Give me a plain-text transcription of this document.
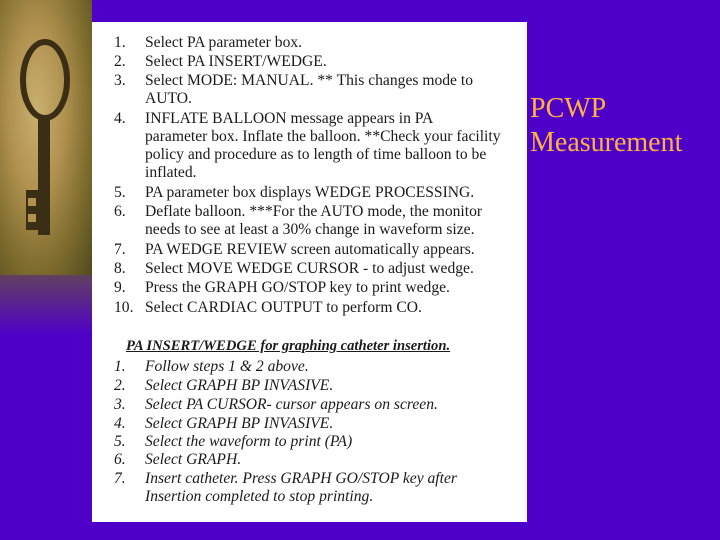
1.	Select PA parameter box.
2.	Select PA INSERT/WEDGE.
3.	Select MODE: MANUAL. ** This changes mode to
AUTO.
4.	INFLATE BALLOON message appears in PA
parameter box. Inflate the balloon. **Check your facility
policy and procedure as to length of time balloon to be
inflated.
5.	PA parameter box displays WEDGE PROCESSING.
6.	Deflate balloon. ***For the AUTO mode, the monitor
needs to see at least a 30% change in waveform size.
7.	PA WEDGE REVIEW screen automatically appears.
8.	Select MOVE WEDGE CURSOR - to adjust wedge.
9.	Press the GRAPH GO/STOP key to print wedge.
10. Select CARDIAC OUTPUT to perform CO.
PA INSERT/WEDGE for graphing catheter insertion.
1.	Follow steps 1 & 2 above.
2.	Select GRAPH BP INVASIVE.
3.	Select PA CURSOR- cursor appears on screen.
4.	Select GRAPH BP INVASIVE.
5.	Select the waveform to print (PA)
6.	Select GRAPH.
7.	Insert catheter. Press GRAPH GO/STOP key after
Insertion completed to stop printing.
PCWP
Measurement
